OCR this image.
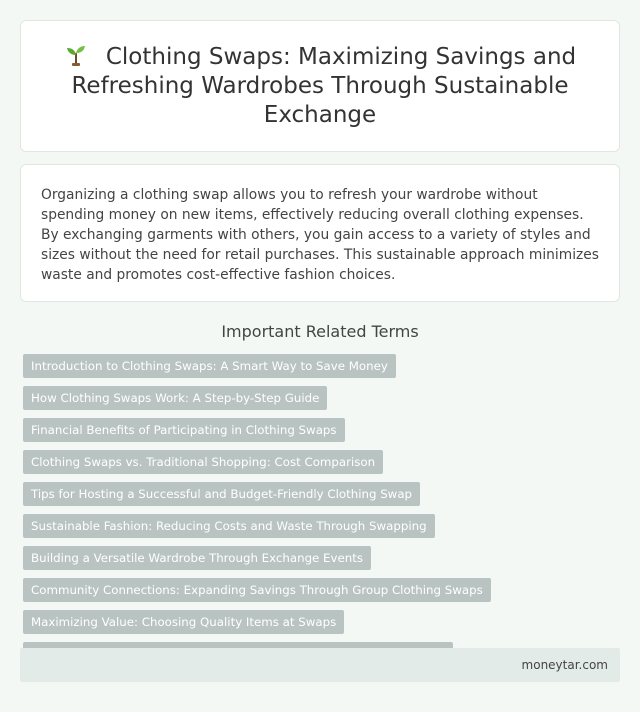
Clothing Swaps: Maximizing Savings and Refreshing Wardrobes Through Sustainable Exchange

Organizing a clothing swap allows you to refresh your wardrobe without spending money on new items, effectively reducing overall clothing expenses. By exchanging garments with others, you gain access to a variety of styles and sizes without the need for retail purchases. This sustainable approach minimizes waste and promotes cost-effective fashion choices.

Important Related Terms
Introduction to Clothing Swaps: A Smart Way to Save Money
How Clothing Swaps Work: A Step-by-Step Guide
Financial Benefits of Participating in Clothing Swaps
Clothing Swaps vs. Traditional Shopping: Cost Comparison
Tips for Hosting a Successful and Budget-Friendly Clothing Swap
Sustainable Fashion: Reducing Costs and Waste Through Swapping
Building a Versatile Wardrobe Through Exchange Events
Community Connections: Expanding Savings Through Group Clothing Swaps
Maximizing Value: Choosing Quality Items at Swaps
moneytar.com
